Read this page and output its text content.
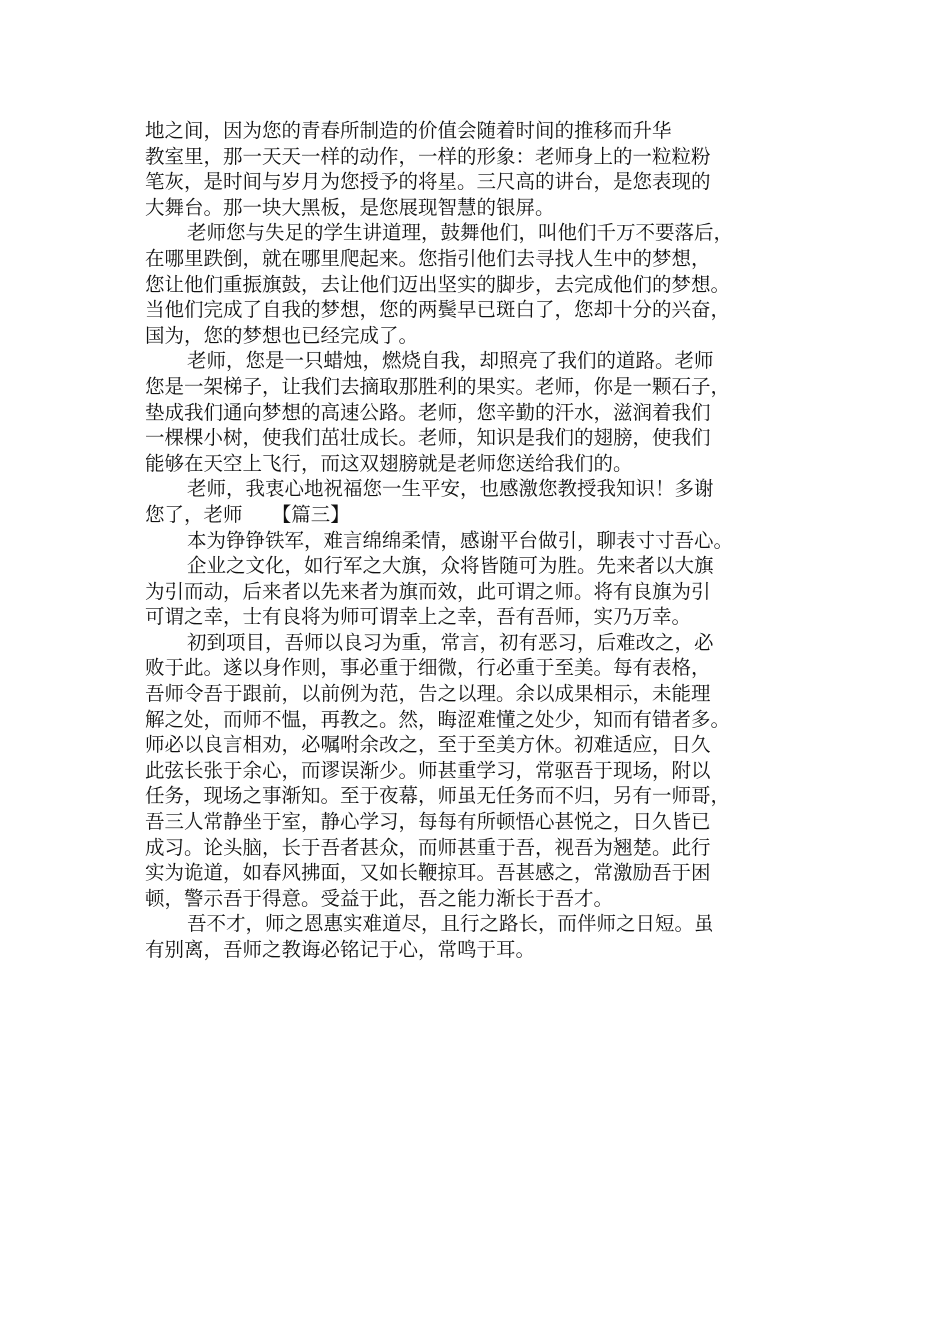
地之间，因为您的青春所制造的价值会随着时间的推移而升华
教室里，那一天天一样的动作，一样的形象：老师身上的一粒粒粉
笔灰，是时间与岁月为您授予的将星。三尺高的讲台，是您表现的
大舞台。那一块大黑板，是您展现智慧的银屏。
老师您与失足的学生讲道理，鼓舞他们，叫他们千万不要落后，
在哪里跌倒，就在哪里爬起来。您指引他们去寻找人生中的梦想，
您让他们重振旗鼓，去让他们迈出坚实的脚步，去完成他们的梦想。
当他们完成了自我的梦想，您的两鬓早已斑白了，您却十分的兴奋，
国为，您的梦想也已经完成了。
老师，您是一只蜡烛，燃烧自我，却照亮了我们的道路。老师
您是一架梯子，让我们去摘取那胜利的果实。老师，你是一颗石子，
垫成我们通向梦想的高速公路。老师，您辛勤的汗水，滋润着我们
一棵棵小树，使我们茁壮成长。老师，知识是我们的翅膀，使我们
能够在天空上飞行，而这双翅膀就是老师您送给我们的。
老师，我衷心地祝福您一生平安，也感激您教授我知识！多谢
您了，老师　　【篇三】
本为铮铮铁军，难言绵绵柔情，感谢平台做引，聊表寸寸吾心。
企业之文化，如行军之大旗，众将皆随可为胜。先来者以大旗
为引而动，后来者以先来者为旗而效，此可谓之师。将有良旗为引
可谓之幸，士有良将为师可谓幸上之幸，吾有吾师，实乃万幸。
初到项目，吾师以良习为重，常言，初有恶习，后难改之，必
败于此。遂以身作则，事必重于细微，行必重于至美。每有表格，
吾师令吾于跟前，以前例为范，告之以理。余以成果相示，未能理
解之处，而师不愠，再教之。然，晦涩难懂之处少，知而有错者多。
师必以良言相劝，必嘱咐余改之，至于至美方休。初难适应，日久
此弦长张于余心，而谬误渐少。师甚重学习，常驱吾于现场，附以
任务，现场之事渐知。至于夜幕，师虽无任务而不归，另有一师哥，
吾三人常静坐于室，静心学习，每每有所顿悟心甚悦之，日久皆已
成习。论头脑，长于吾者甚众，而师甚重于吾，视吾为翘楚。此行
实为诡道，如春风拂面，又如长鞭掠耳。吾甚感之，常激励吾于困
顿，警示吾于得意。受益于此，吾之能力渐长于吾才。
吾不才，师之恩惠实难道尽，且行之路长，而伴师之日短。虽
有别离，吾师之教诲必铭记于心，常鸣于耳。
